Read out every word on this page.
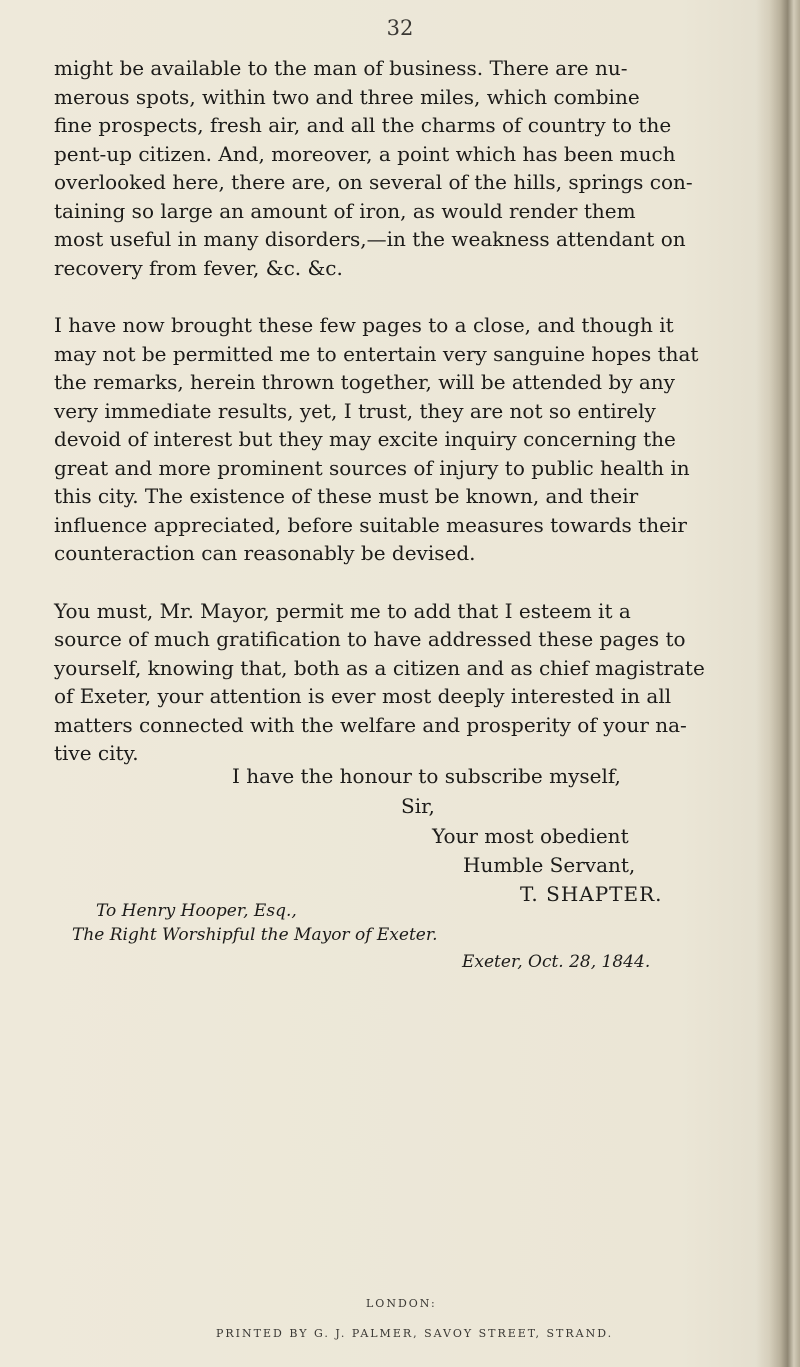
32

might be available to the man of business. There are nu-
merous spots, within two and three miles, which combine
fine prospects, fresh air, and all the charms of country to the
pent-up citizen. And, moreover, a point which has been much
overlooked here, there are, on several of the hills, springs con-
taining so large an amount of iron, as would render them
most useful in many disorders,—in the weakness attendant on
recovery from fever, &c. &c.

I have now brought these few pages to a close, and though it
may not be permitted me to entertain very sanguine hopes that
the remarks, herein thrown together, will be attended by any
very immediate results, yet, I trust, they are not so entirely
devoid of interest but they may excite inquiry concerning the
great and more prominent sources of injury to public health in
this city. The existence of these must be known, and their
influence appreciated, before suitable measures towards their
counteraction can reasonably be devised.

You must, Mr. Mayor, permit me to add that I esteem it a
source of much gratification to have addressed these pages to
yourself, knowing that, both as a citizen and as chief magistrate
of Exeter, your attention is ever most deeply interested in all
matters connected with the welfare and prosperity of your na-
tive city.

I have the honour to subscribe myself,
Sir,
Your most obedient
Humble Servant,
T. SHAPTER.
To Henry Hooper, Esq.,
The Right Worshipful the Mayor of Exeter.
Exeter, Oct. 28, 1844.
LONDON:
PRINTED BY G. J. PALMER, SAVOY STREET, STRAND.
